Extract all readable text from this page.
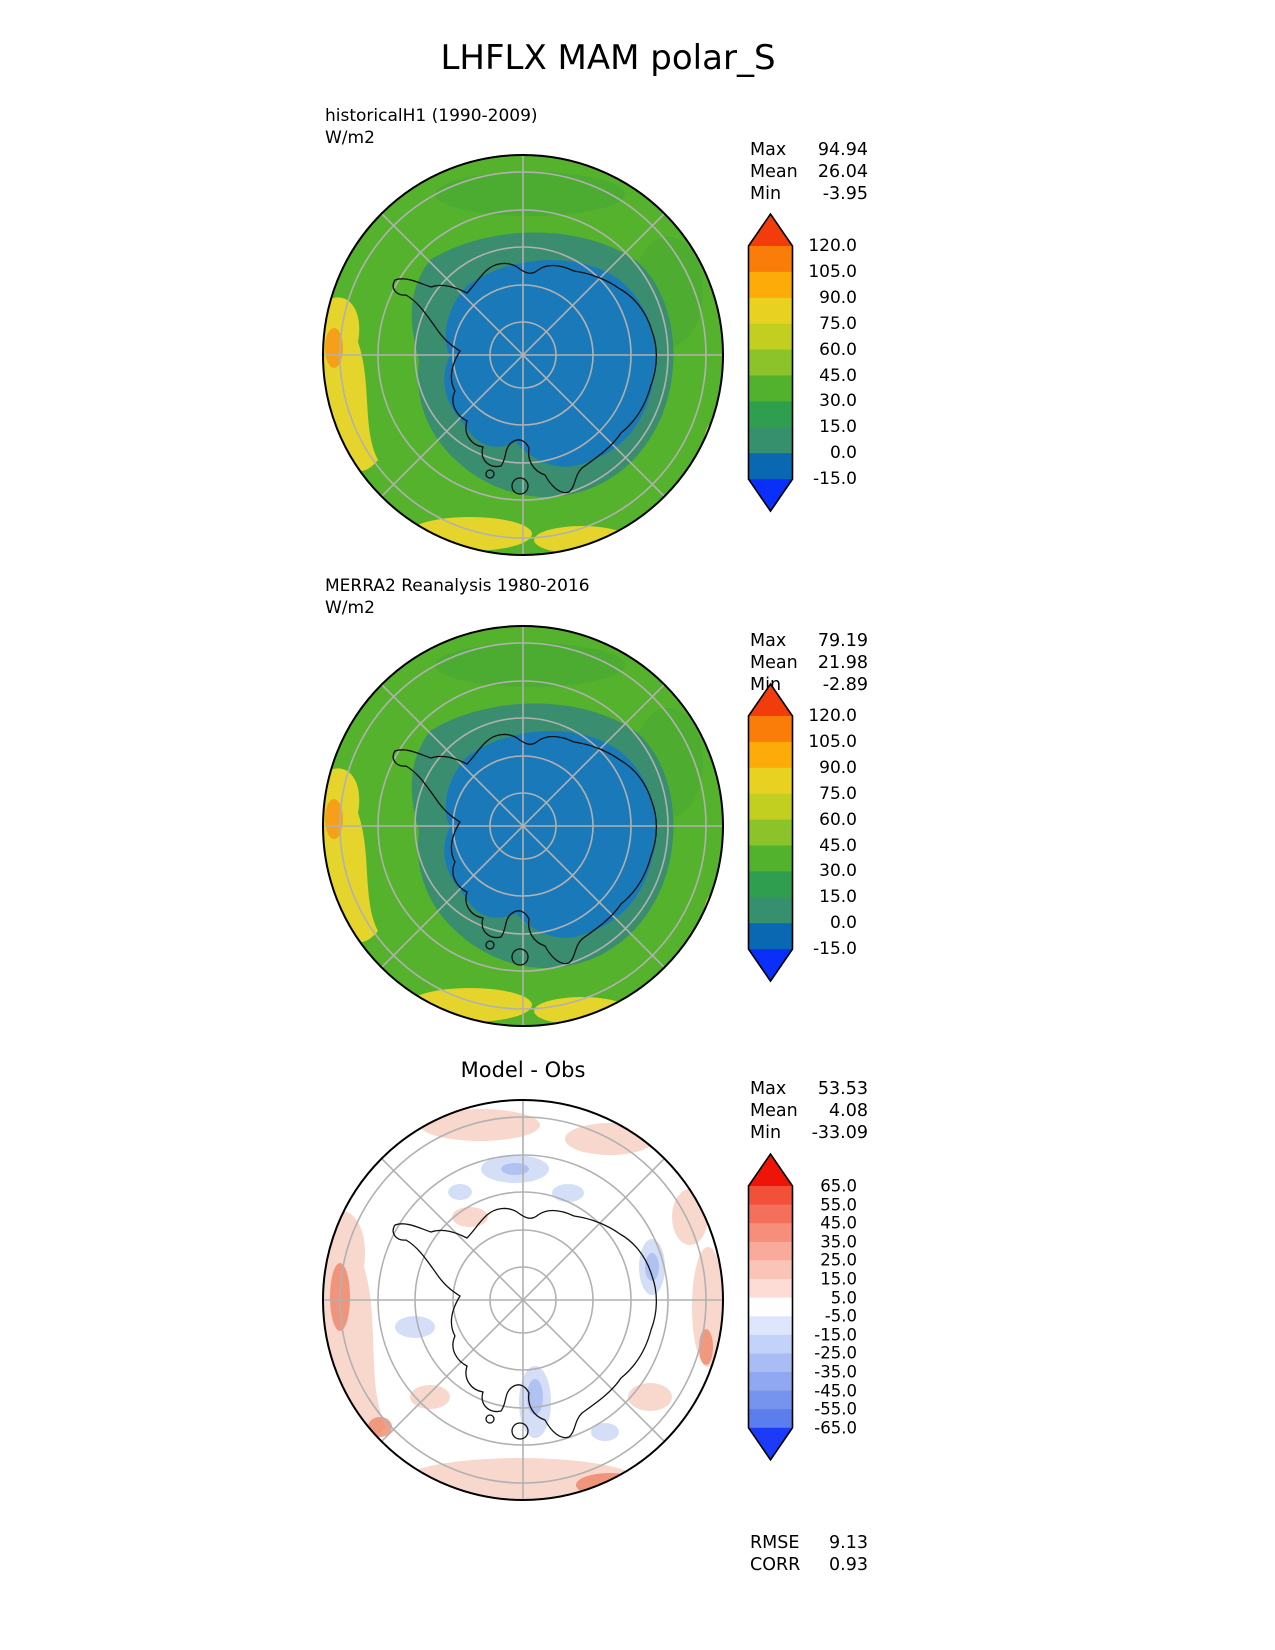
LHFLX MAM polar_S
historicalH1 (1990-2009)
W/m2
Max 94.94
Mean 26.04
Min -3.95
120.0
105.0
90.0
75.0
60.0
45.0
30.0
15.0
0.0
-15.0
MERRA2 Reanalysis 1980-2016
W/m2
Max 79.19
Mean 21.98
Min -2.89
120.0
105.0
90.0
75.0
60.0
45.0
30.0
15.0
0.0
-15.0
Model - Obs
Max 53.53
Mean 4.08
Min -33.09
65.0
55.0
45.0
35.0
25.0
15.0
5.0
-5.0
-15.0
-25.0
-35.0
-45.0
-55.0
-65.0
RMSE 9.13
CORR 0.93
